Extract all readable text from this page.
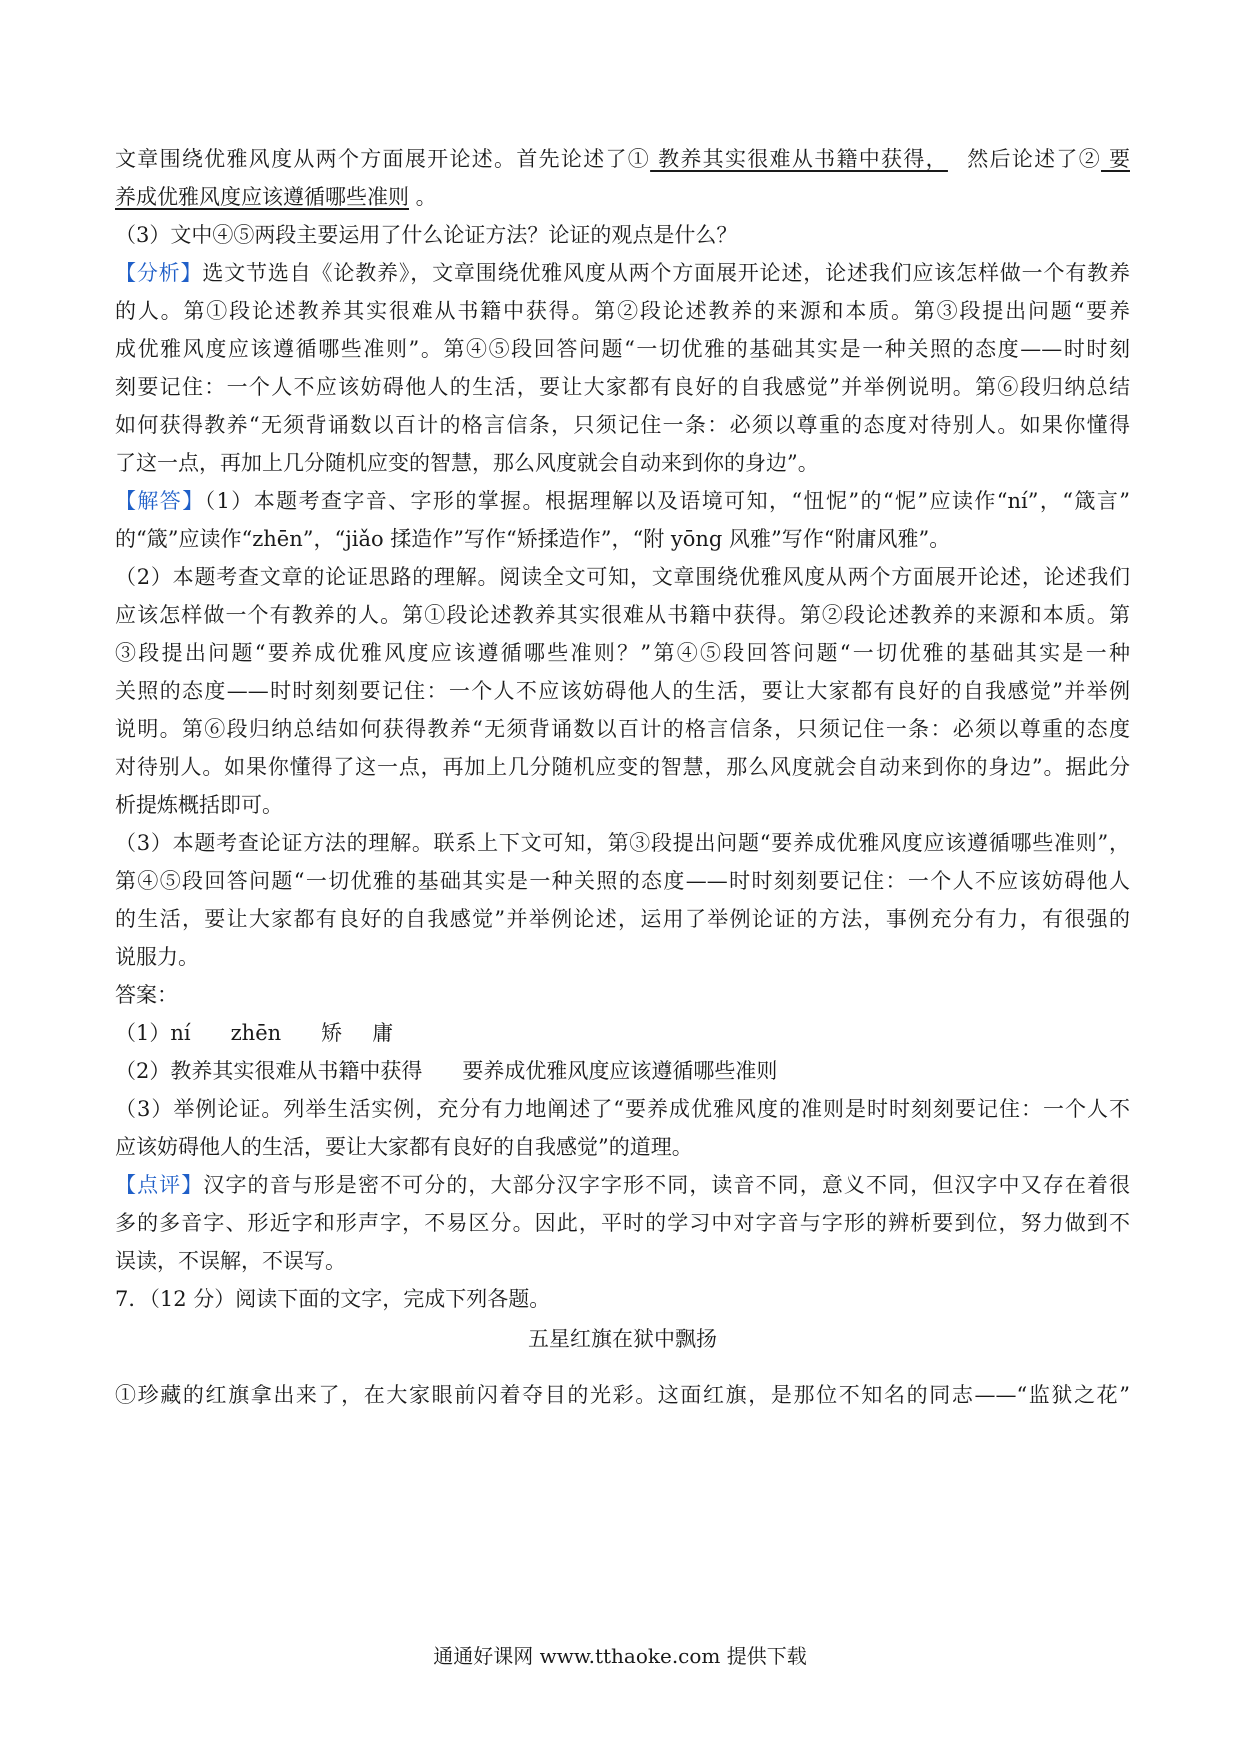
文章围绕优雅风度从两个方面展开论述。首先论述了① 教养其实很难从书籍中获得， 然后论述了② 要
养成优雅风度应该遵循哪些准则 。
（3）文中④⑤两段主要运用了什么论证方法？论证的观点是什么？
【分析】选文节选自《论教养》，文章围绕优雅风度从两个方面展开论述，论述我们应该怎样做一个有教养
的人。第①段论述教养其实很难从书籍中获得。第②段论述教养的来源和本质。第③段提出问题“要养
成优雅风度应该遵循哪些准则”。第④⑤段回答问题“一切优雅的基础其实是一种关照的态度——时时刻
刻要记住：一个人不应该妨碍他人的生活，要让大家都有良好的自我感觉”并举例说明。第⑥段归纳总结
如何获得教养“无须背诵数以百计的格言信条，只须记住一条：必须以尊重的态度对待别人。如果你懂得
了这一点，再加上几分随机应变的智慧，那么风度就会自动来到你的身边”。
【解答】（1）本题考查字音、字形的掌握。根据理解以及语境可知，“忸怩”的“怩”应读作“ní”，“箴言”
的“箴”应读作“zhēn”，“jiǎo 揉造作”写作“矫揉造作”，“附 yōng 风雅”写作“附庸风雅”。
（2）本题考查文章的论证思路的理解。阅读全文可知，文章围绕优雅风度从两个方面展开论述，论述我们
应该怎样做一个有教养的人。第①段论述教养其实很难从书籍中获得。第②段论述教养的来源和本质。第
③段提出问题“要养成优雅风度应该遵循哪些准则？”第④⑤段回答问题“一切优雅的基础其实是一种
关照的态度——时时刻刻要记住：一个人不应该妨碍他人的生活，要让大家都有良好的自我感觉”并举例
说明。第⑥段归纳总结如何获得教养“无须背诵数以百计的格言信条，只须记住一条：必须以尊重的态度
对待别人。如果你懂得了这一点，再加上几分随机应变的智慧，那么风度就会自动来到你的身边”。据此分
析提炼概括即可。
（3）本题考查论证方法的理解。联系上下文可知，第③段提出问题“要养成优雅风度应该遵循哪些准则”，
第④⑤段回答问题“一切优雅的基础其实是一种关照的态度——时时刻刻要记住：一个人不应该妨碍他人
的生活，要让大家都有良好的自我感觉”并举例论述，运用了举例论证的方法，事例充分有力，有很强的
说服力。
答案：
（1）ní zhēn 矫 庸
（2）教养其实很难从书籍中获得 要养成优雅风度应该遵循哪些准则
（3）举例论证。列举生活实例，充分有力地阐述了“要养成优雅风度的准则是时时刻刻要记住：一个人不
应该妨碍他人的生活，要让大家都有良好的自我感觉”的道理。
【点评】汉字的音与形是密不可分的，大部分汉字字形不同，读音不同，意义不同，但汉字中又存在着很
多的多音字、形近字和形声字，不易区分。因此，平时的学习中对字音与字形的辨析要到位，努力做到不
误读，不误解，不误写。
7．（12 分）阅读下面的文字，完成下列各题。
五星红旗在狱中飘扬
①珍藏的红旗拿出来了，在大家眼前闪着夺目的光彩。这面红旗，是那位不知名的同志——“监狱之花”
通通好课网 www.tthaoke.com 提供下载
